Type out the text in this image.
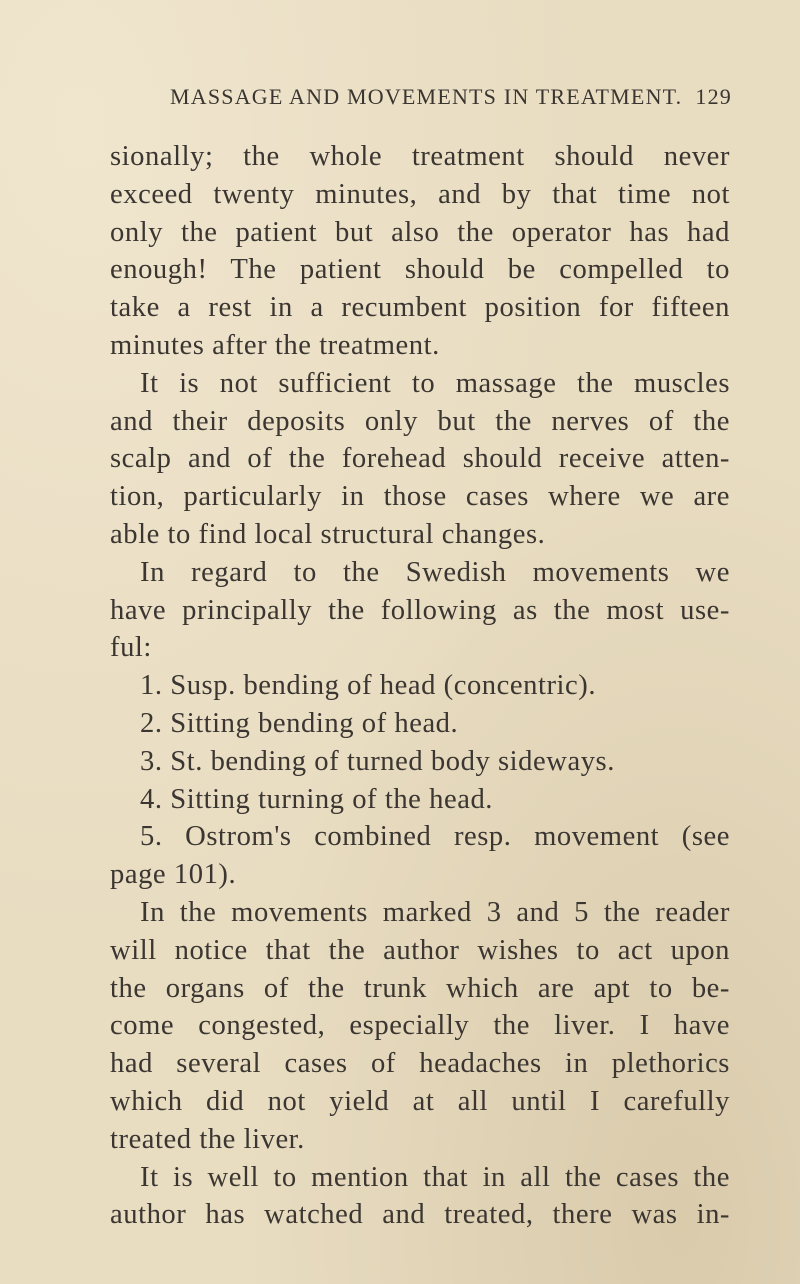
MASSAGE AND MOVEMENTS IN TREATMENT. 129
sionally; the whole treatment should never
exceed twenty minutes, and by that time not
only the patient but also the operator has had
enough! The patient should be compelled to
take a rest in a recumbent position for fifteen
minutes after the treatment.
It is not sufficient to massage the muscles
and their deposits only but the nerves of the
scalp and of the forehead should receive atten-
tion, particularly in those cases where we are
able to find local structural changes.
In regard to the Swedish movements we
have principally the following as the most use-
ful:
1. Susp. bending of head (concentric).
2. Sitting bending of head.
3. St. bending of turned body sideways.
4. Sitting turning of the head.
5. Ostrom's combined resp. movement (see
page 101).
In the movements marked 3 and 5 the reader
will notice that the author wishes to act upon
the organs of the trunk which are apt to be-
come congested, especially the liver. I have
had several cases of headaches in plethorics
which did not yield at all until I carefully
treated the liver.
It is well to mention that in all the cases the
author has watched and treated, there was in-
